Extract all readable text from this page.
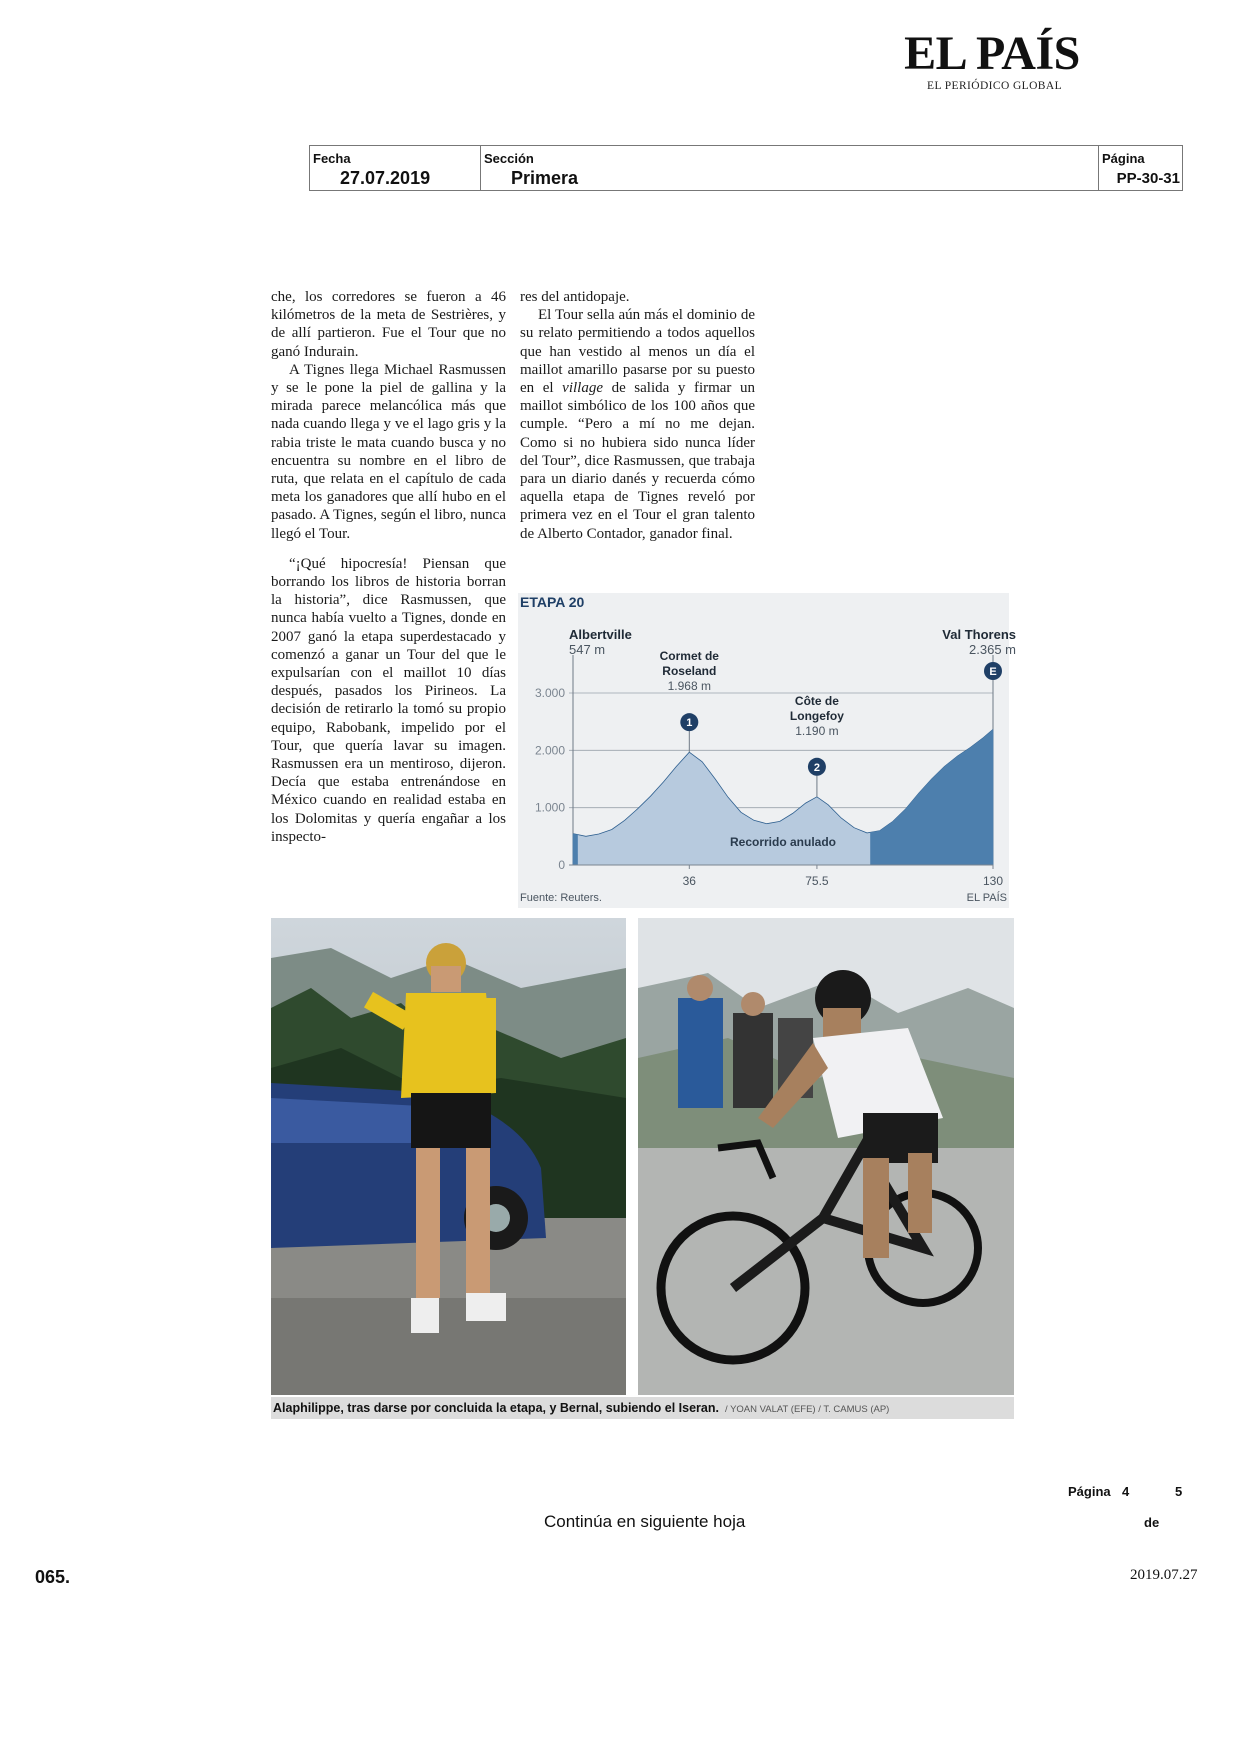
EL PAÍS
EL PERIÓDICO GLOBAL
Fecha
27.07.2019
Sección
Primera
Página
PP-30-31

che, los corredores se fueron a 46 kilómetros de la meta de Sestrières, y de allí partieron. Fue el Tour que no ganó Indurain.

A Tignes llega Michael Rasmussen y se le pone la piel de gallina y la mirada parece melancólica más que nada cuando llega y ve el lago gris y la rabia triste le mata cuando busca y no encuentra su nombre en el libro de ruta, que relata en el capítulo de cada meta los ganadores que allí hubo en el pasado. A Tignes, según el libro, nunca llegó el Tour.

“¡Qué hipocresía! Piensan que borrando los libros de historia borran la historia”, dice Rasmussen, que nunca había vuelto a Tignes, donde en 2007 ganó la etapa superdestacado y comenzó a ganar un Tour del que le expulsarían con el maillot 10 días después, pasados los Pirineos. La decisión de retirarlo la tomó su propio equipo, Rabobank, impelido por el Tour, que quería lavar su imagen. Rasmussen era un mentiroso, dijeron. Decía que estaba entrenándose en México cuando en realidad estaba en los Dolomitas y quería engañar a los inspecto-

res del antidopaje.

El Tour sella aún más el dominio de su relato permitiendo a todos aquellos que han vestido al menos un día el maillot amarillo pasarse por su puesto en el village de salida y firmar un maillot simbólico de los 100 años que cumple. “Pero a mí no me dejan. Como si no hubiera sido nunca líder del Tour”, dice Rasmussen, que trabaja para un diario danés y recuerda cómo aquella etapa de Tignes reveló por primera vez en el Tour el gran talento de Alberto Contador, ganador final.

ETAPA 20
0
1.000
2.000
3.000
Recorrido anulado
36	75.5	130
Albertville
547 m	Cormet de Roseland
1.968 m
1
Côte de Longefoy
1.190 m
2
Val Thorens
2.365 m
E
Fuente: Reuters.	EL PAÍS
Alaphilippe, tras darse por concluida la etapa, y Bernal, subiendo el Iseran. / YOAN VALAT (EFE) / T. CAMUS (AP)
Página 4	5
de
Continúa en siguiente hoja
065.	2019.07.27
